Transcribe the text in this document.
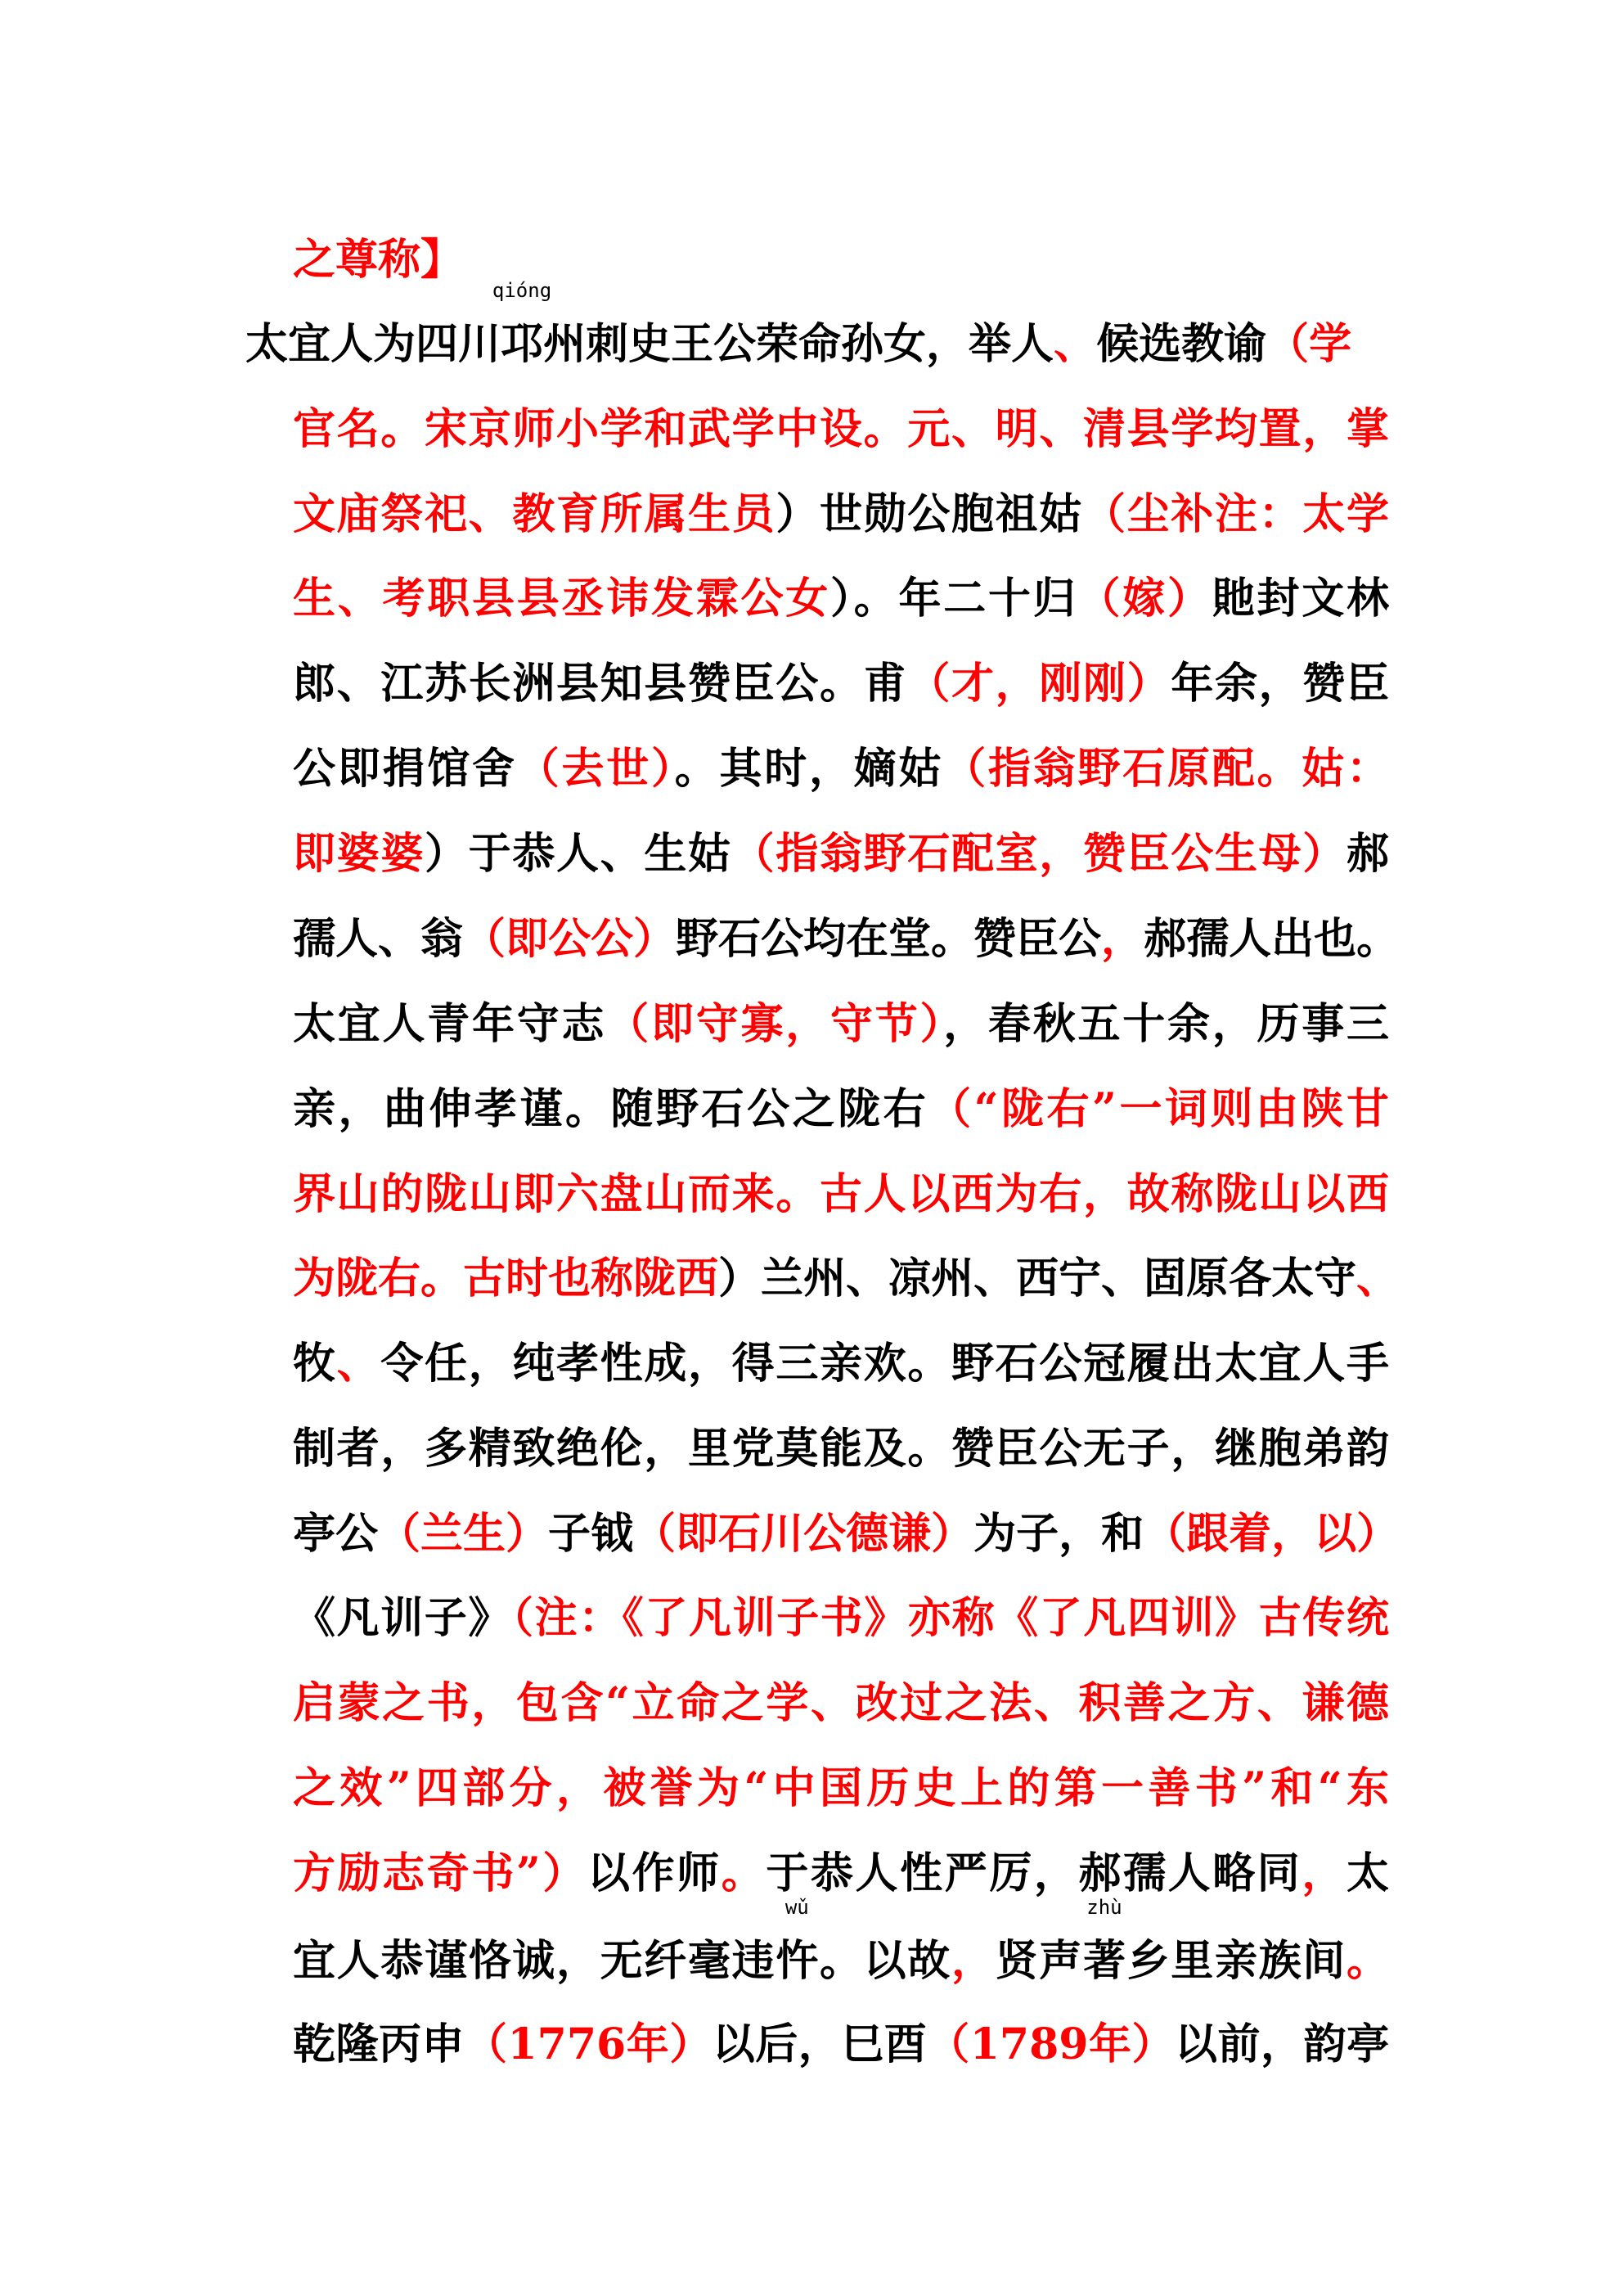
之尊称】
太宜人为四川邛
qióng
州刺史王公荣命孙女，举人、候选教谕（学
官名。宋京师小学和武学中设。元、明、清县学均置，掌
文庙祭祀、教育所属生员）世勋公胞祖姑（尘补注：太学
生、考职县县丞讳发霖公女）。年二十归（嫁）貤封文林
郎、江苏长洲县知县赞臣公。甫（才，刚刚）年余，赞臣
公即捐馆舍（去世）。其时，嫡姑（指翁野石原配。姑：
即婆婆）于恭人、生姑（指翁野石配室，赞臣公生母）郝
孺人、翁（即公公）野石公均在堂。赞臣公，郝孺人出也。
太宜人青年守志（即守寡，守节），春秋五十余，历事三
亲，曲伸孝谨。随野石公之陇右（“陇右”一词则由陕甘
界山的陇山即六盘山而来。古人以西为右，故称陇山以西
为陇右。古时也称陇西）兰州、凉州、西宁、固原各太守、
牧、令任，纯孝性成，得三亲欢。野石公冠履出太宜人手
制者，多精致绝伦，里党莫能及。赞臣公无子，继胞弟韵
亭公（兰生）子钺（即石川公德谦）为子，和（跟着，以）
《凡训子》（注：《了凡训子书》亦称《了凡四训》古传统
启蒙之书，包含“立命之学、改过之法、积善之方、谦德
之效”四部分，被誉为“中国历史上的第一善书”和“东
方励志奇书”）以作师。于恭人性严厉，郝孺人略同，太
宜人恭谨恪诚，无纤毫违忤
wǔ
。以故，贤声著
zhù
乡里亲族间。
乾隆丙申（1776年）以后，巳酉（1789年）以前，韵亭
